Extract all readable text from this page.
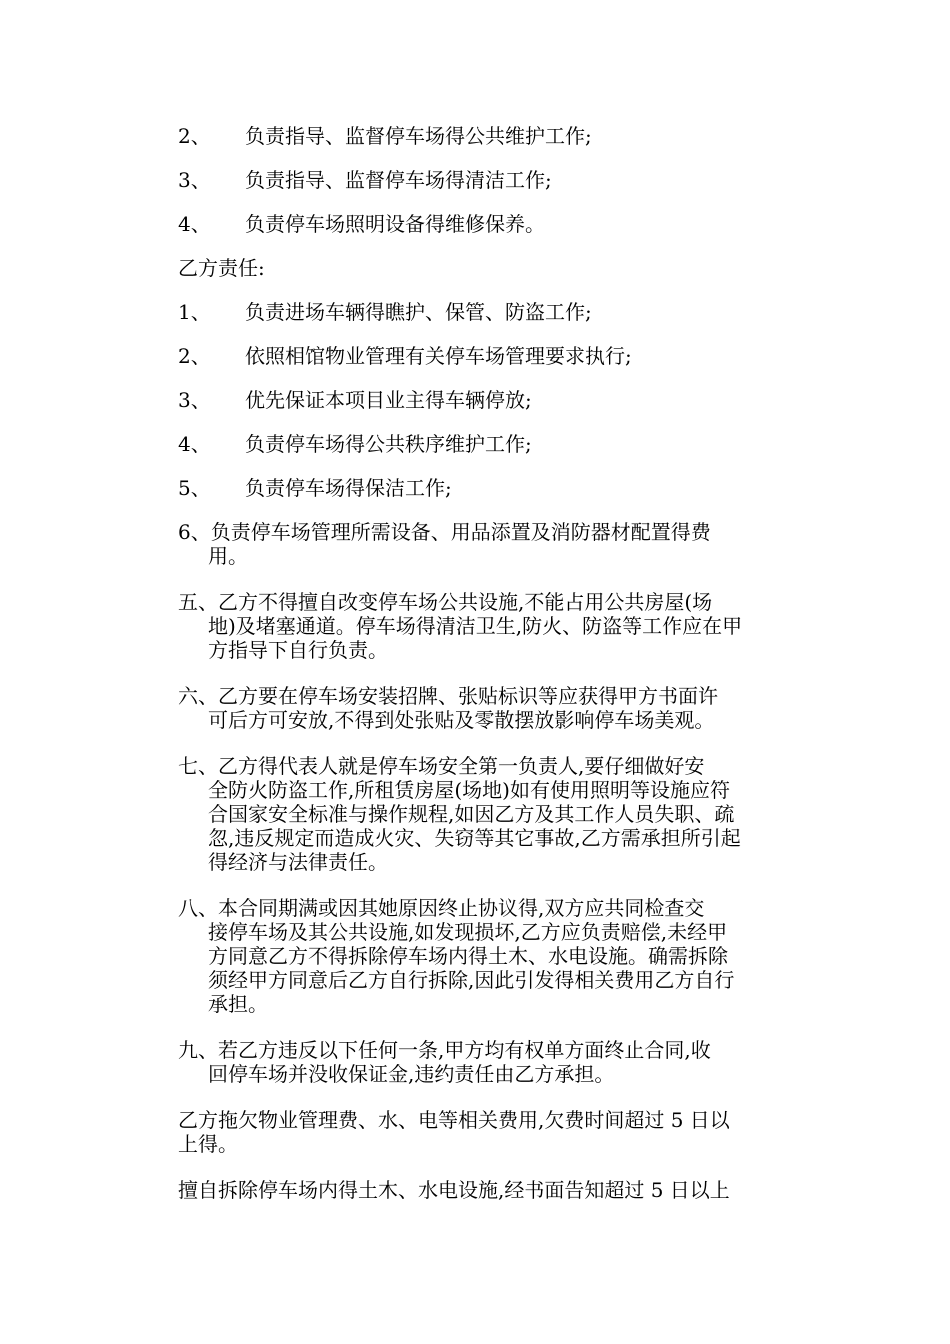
2、	负责指导、监督停车场得公共维护工作;
3、	负责指导、监督停车场得清洁工作;
4、	负责停车场照明设备得维修保养。
乙方责任:
1、	负责进场车辆得瞧护、保管、防盗工作;
2、	依照相馆物业管理有关停车场管理要求执行;
3、	优先保证本项目业主得车辆停放;
4、	负责停车场得公共秩序维护工作;
5、	负责停车场得保洁工作;
6、 负责停车场管理所需设备、用品添置及消防器材配置得费
用。
五、 乙方不得擅自改变停车场公共设施,不能占用公共房屋(场
地)及堵塞通道。停车场得清洁卫生,防火、防盗等工作应在甲
方指导下自行负责。
六、 乙方要在停车场安装招牌、张贴标识等应获得甲方书面许
可后方可安放,不得到处张贴及零散摆放影响停车场美观。
七、 乙方得代表人就是停车场安全第一负责人,要仔细做好安
全防火防盗工作,所租赁房屋(场地)如有使用照明等设施应符
合国家安全标准与操作规程,如因乙方及其工作人员失职、疏
忽,违反规定而造成火灾、失窃等其它事故,乙方需承担所引起
得经济与法律责任。
八、 本合同期满或因其她原因终止协议得,双方应共同检查交
接停车场及其公共设施,如发现损坏,乙方应负责赔偿,未经甲
方同意乙方不得拆除停车场内得土木、水电设施。确需拆除
须经甲方同意后乙方自行拆除,因此引发得相关费用乙方自行
承担。
九、 若乙方违反以下任何一条,甲方均有权单方面终止合同,收
回停车场并没收保证金,违约责任由乙方承担。
乙方拖欠物业管理费、水、电等相关费用,欠费时间超过 5 日以
上得。
擅自拆除停车场内得土木、水电设施,经书面告知超过 5 日以上
